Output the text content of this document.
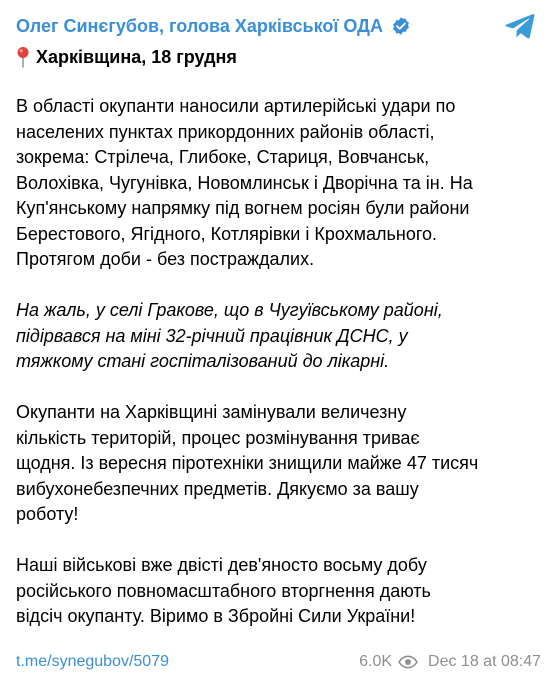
Олег Синєгубов, голова Харківської ОДА
Харківщина, 18 грудня

В області окупанти наносили артилерійські удари по
населених пунктах прикордонних районів області,
зокрема: Стрілеча, Глибоке, Стариця, Вовчанськ,
Волохівка, Чугунівка, Новомлинськ і Дворічна та ін. На
Куп'янському напрямку під вогнем росіян були райони
Берестового, Ягідного, Котлярівки і Крохмального.
Протягом доби - без постраждалих.

На жаль, у селі Гракове, що в Чугуївському районі,
підірвався на міні 32-річний працівник ДСНС, у
тяжкому стані госпіталізований до лікарні.

Окупанти на Харківщині замінували величезну
кількість територій, процес розмінування триває
щодня. Із вересня піротехніки знищили майже 47 тисяч
вибухонебезпечних предметів. Дякуємо за вашу
роботу!

Наші військові вже двісті дев'яносто восьму добу
російського повномасштабного вторгнення дають
відсіч окупанту. Віримо в Збройні Сили України!

t.me/synegubov/5079	6.0K Dec 18 at 08:47
